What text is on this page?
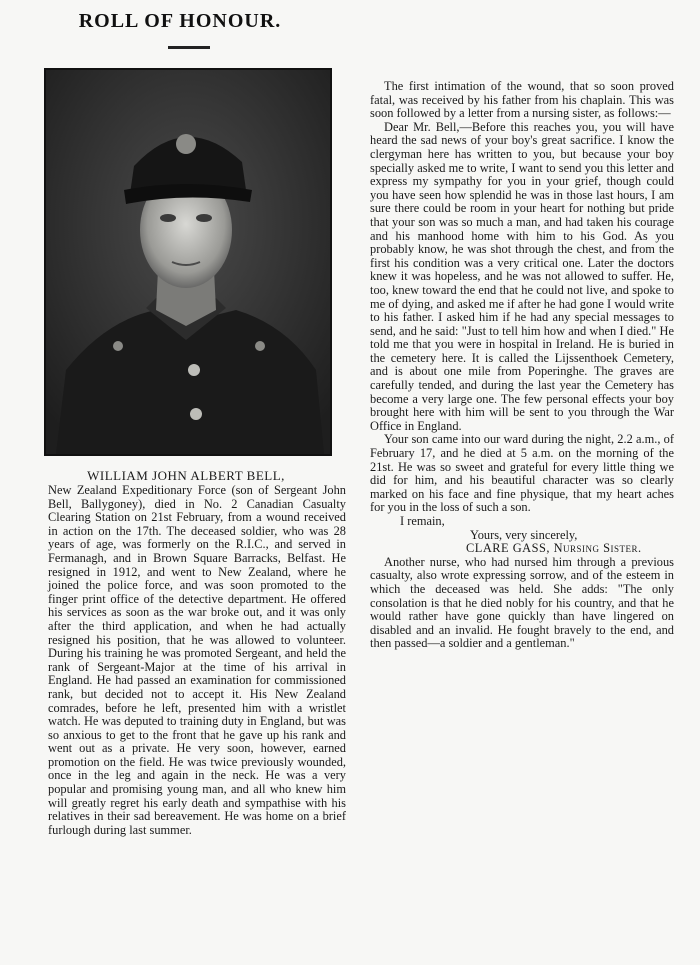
ROLL OF HONOUR.
WILLIAM JOHN ALBERT BELL,

New Zealand Expeditionary Force (son of Sergeant John Bell, Ballygoney), died in No. 2 Canadian Casualty Clearing Station on 21st February, from a wound received in action on the 17th. The deceased soldier, who was 28 years of age, was formerly on the R.I.C., and served in Fermanagh, and in Brown Square Barracks, Belfast. He resigned in 1912, and went to New Zealand, where he joined the police force, and was soon promoted to the finger print office of the detective department. He offered his services as soon as the war broke out, and it was only after the third application, and when he had actually resigned his position, that he was allowed to volunteer. During his training he was promoted Sergeant, and held the rank of Sergeant-Major at the time of his arrival in England. He had passed an examination for commissioned rank, but decided not to accept it. His New Zealand comrades, before he left, presented him with a wristlet watch. He was deputed to training duty in England, but was so anxious to get to the front that he gave up his rank and went out as a private. He very soon, however, earned promotion on the field. He was twice previously wounded, once in the leg and again in the neck. He was a very popular and promising young man, and all who knew him will greatly regret his early death and sympathise with his relatives in their sad bereavement. He was home on a brief furlough during last summer.

The first intimation of the wound, that so soon proved fatal, was received by his father from his chaplain. This was soon followed by a letter from a nursing sister, as follows:—

Dear Mr. Bell,—Before this reaches you, you will have heard the sad news of your boy's great sacrifice. I know the clergyman here has written to you, but because your boy specially asked me to write, I want to send you this letter and express my sympathy for you in your grief, though could you have seen how splendid he was in those last hours, I am sure there could be room in your heart for nothing but pride that your son was so much a man, and had taken his courage and his manhood home with him to his God. As you probably know, he was shot through the chest, and from the first his condition was a very critical one. Later the doctors knew it was hopeless, and he was not allowed to suffer. He, too, knew toward the end that he could not live, and spoke to me of dying, and asked me if after he had gone I would write to his father. I asked him if he had any special messages to send, and he said: "Just to tell him how and when I died." He told me that you were in hospital in Ireland. He is buried in the cemetery here. It is called the Lijssenthoek Cemetery, and is about one mile from Poperinghe. The graves are carefully tended, and during the last year the Cemetery has become a very large one. The few personal effects your boy brought here with him will be sent to you through the War Office in England.

Your son came into our ward during the night, 2.2 a.m., of February 17, and he died at 5 a.m. on the morning of the 21st. He was so sweet and grateful for every little thing we did for him, and his beautiful character was so clearly marked on his face and fine physique, that my heart aches for you in the loss of such a son.

I remain,

Yours, very sincerely,

CLARE GASS, Nursing Sister.

Another nurse, who had nursed him through a previous casualty, also wrote expressing sorrow, and of the esteem in which the deceased was held. She adds: "The only consolation is that he died nobly for his country, and that he would rather have gone quickly than have lingered on disabled and an invalid. He fought bravely to the end, and then passed—a soldier and a gentleman."
